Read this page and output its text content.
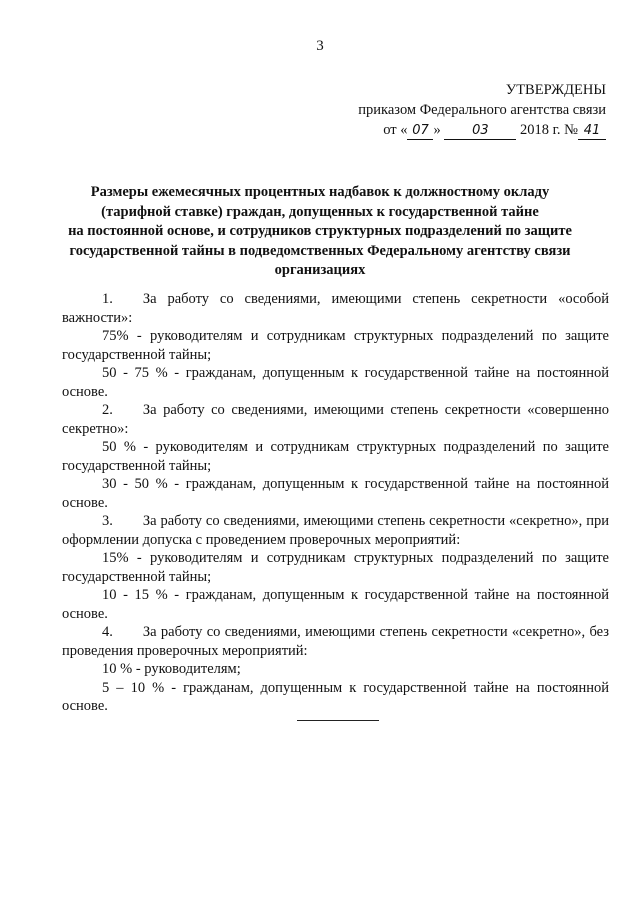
3
УТВЕРЖДЕНЫ
приказом Федерального агентства связи
от « 07 » 03 2018 г. № 41
Размеры ежемесячных процентных надбавок к должностному окладу
(тарифной ставке) граждан, допущенных к государственной тайне
на постоянной основе, и сотрудников структурных подразделений по защите
государственной тайны в подведомственных Федеральному агентству связи
организациях

1. За работу со сведениями, имеющими степень секретности «особой важности»:

75% - руководителям и сотрудникам структурных подразделений по защите государственной тайны;

50 - 75 % - гражданам, допущенным к государственной тайне на постоянной основе.

2. За работу со сведениями, имеющими степень секретности «совершенно секретно»:

50 % - руководителям и сотрудникам структурных подразделений по защите государственной тайны;

30 - 50 % - гражданам, допущенным к государственной тайне на постоянной основе.

3. За работу со сведениями, имеющими степень секретности «секретно», при оформлении допуска с проведением проверочных мероприятий:

15% - руководителям и сотрудникам структурных подразделений по защите государственной тайны;

10 - 15 % - гражданам, допущенным к государственной тайне на постоянной основе.

4. За работу со сведениями, имеющими степень секретности «секретно», без проведения проверочных мероприятий:

10 % - руководителям;

5 – 10 % - гражданам, допущенным к государственной тайне на постоянной основе.
